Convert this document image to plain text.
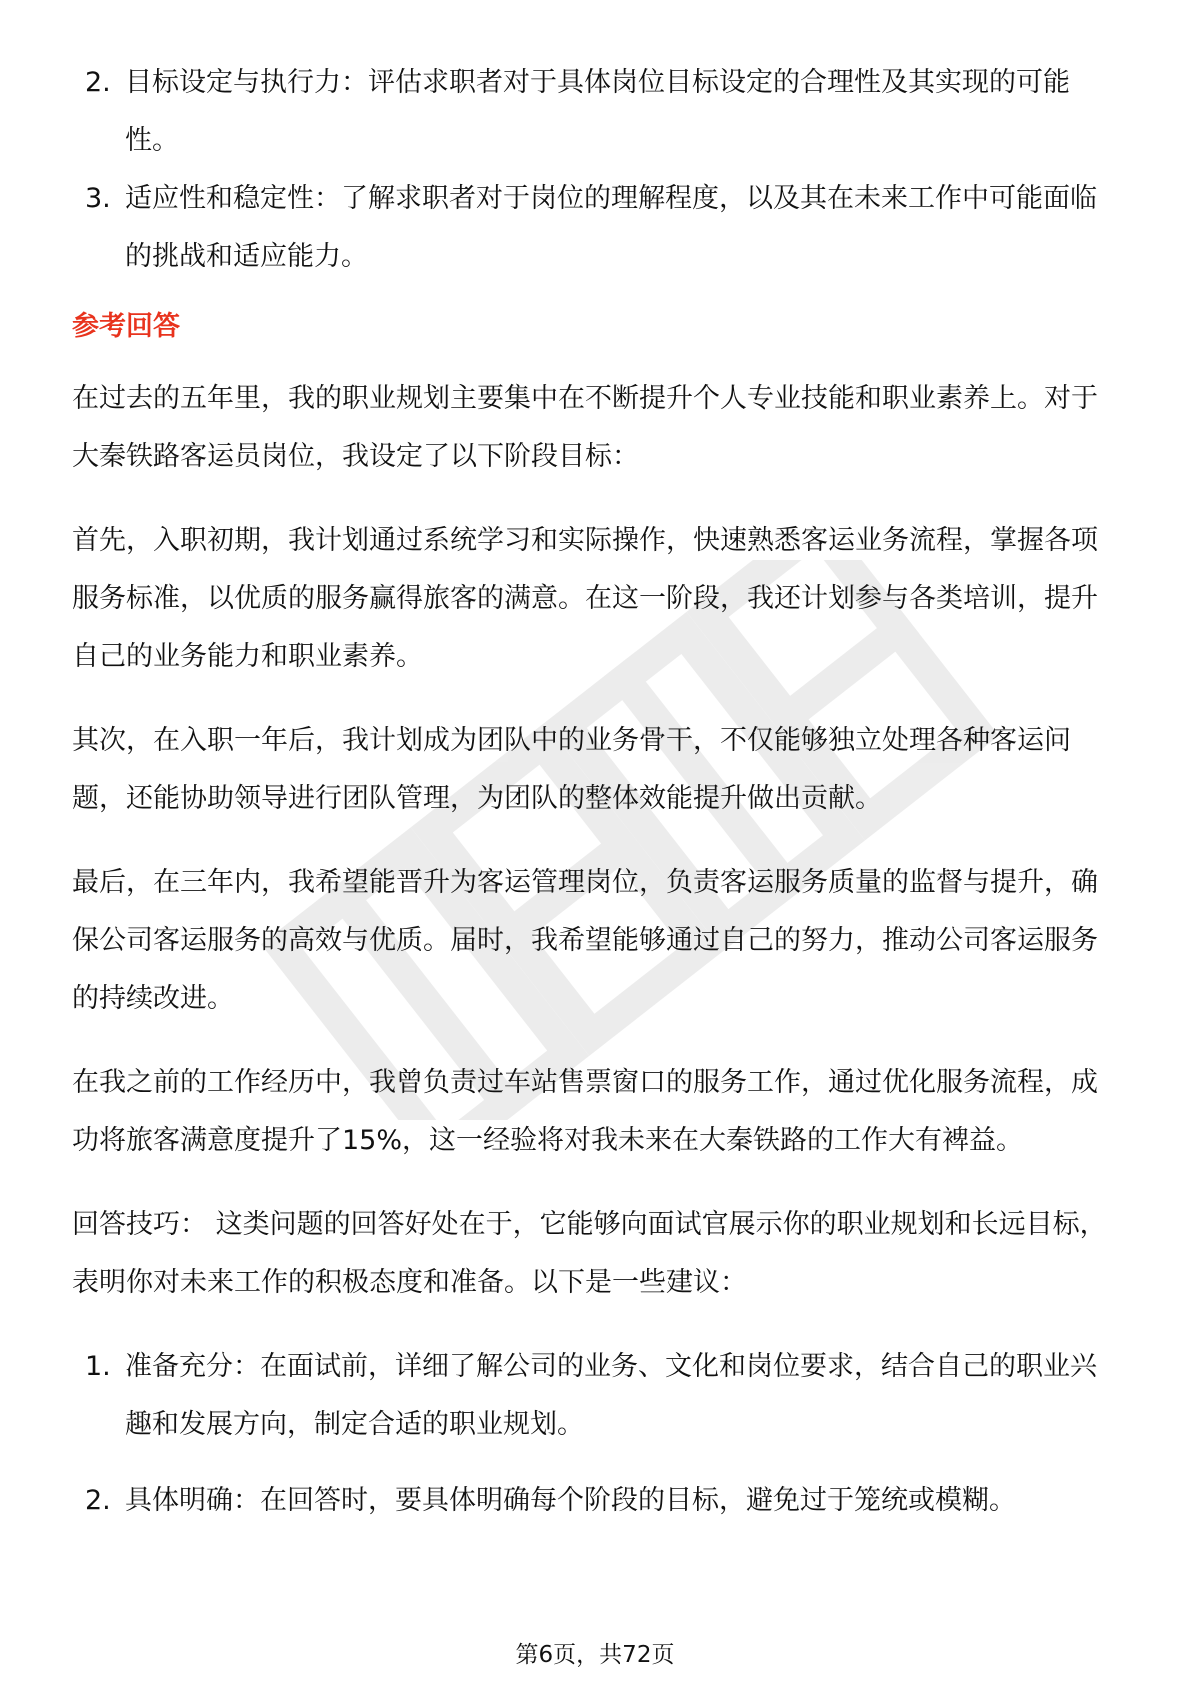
2. 目标设定与执行力：评估求职者对于具体岗位目标设定的合理性及其实现的可能性。
3. 适应性和稳定性：了解求职者对于岗位的理解程度，以及其在未来工作中可能面临的挑战和适应能力。
参考回答

在过去的五年里，我的职业规划主要集中在不断提升个人专业技能和职业素养上。对于大秦铁路客运员岗位，我设定了以下阶段目标：

首先，入职初期，我计划通过系统学习和实际操作，快速熟悉客运业务流程，掌握各项服务标准，以优质的服务赢得旅客的满意。在这一阶段，我还计划参与各类培训，提升自己的业务能力和职业素养。

其次，在入职一年后，我计划成为团队中的业务骨干，不仅能够独立处理各种客运问题，还能协助领导进行团队管理，为团队的整体效能提升做出贡献。

最后，在三年内，我希望能晋升为客运管理岗位，负责客运服务质量的监督与提升，确保公司客运服务的高效与优质。届时，我希望能够通过自己的努力，推动公司客运服务的持续改进。

在我之前的工作经历中，我曾负责过车站售票窗口的服务工作，通过优化服务流程，成功将旅客满意度提升了15%，这一经验将对我未来在大秦铁路的工作大有裨益。

回答技巧： 这类问题的回答好处在于，它能够向面试官展示你的职业规划和长远目标，表明你对未来工作的积极态度和准备。以下是一些建议：

1. 准备充分：在面试前，详细了解公司的业务、文化和岗位要求，结合自己的职业兴趣和发展方向，制定合适的职业规划。
2. 具体明确：在回答时，要具体明确每个阶段的目标，避免过于笼统或模糊。
第6页，共72页
